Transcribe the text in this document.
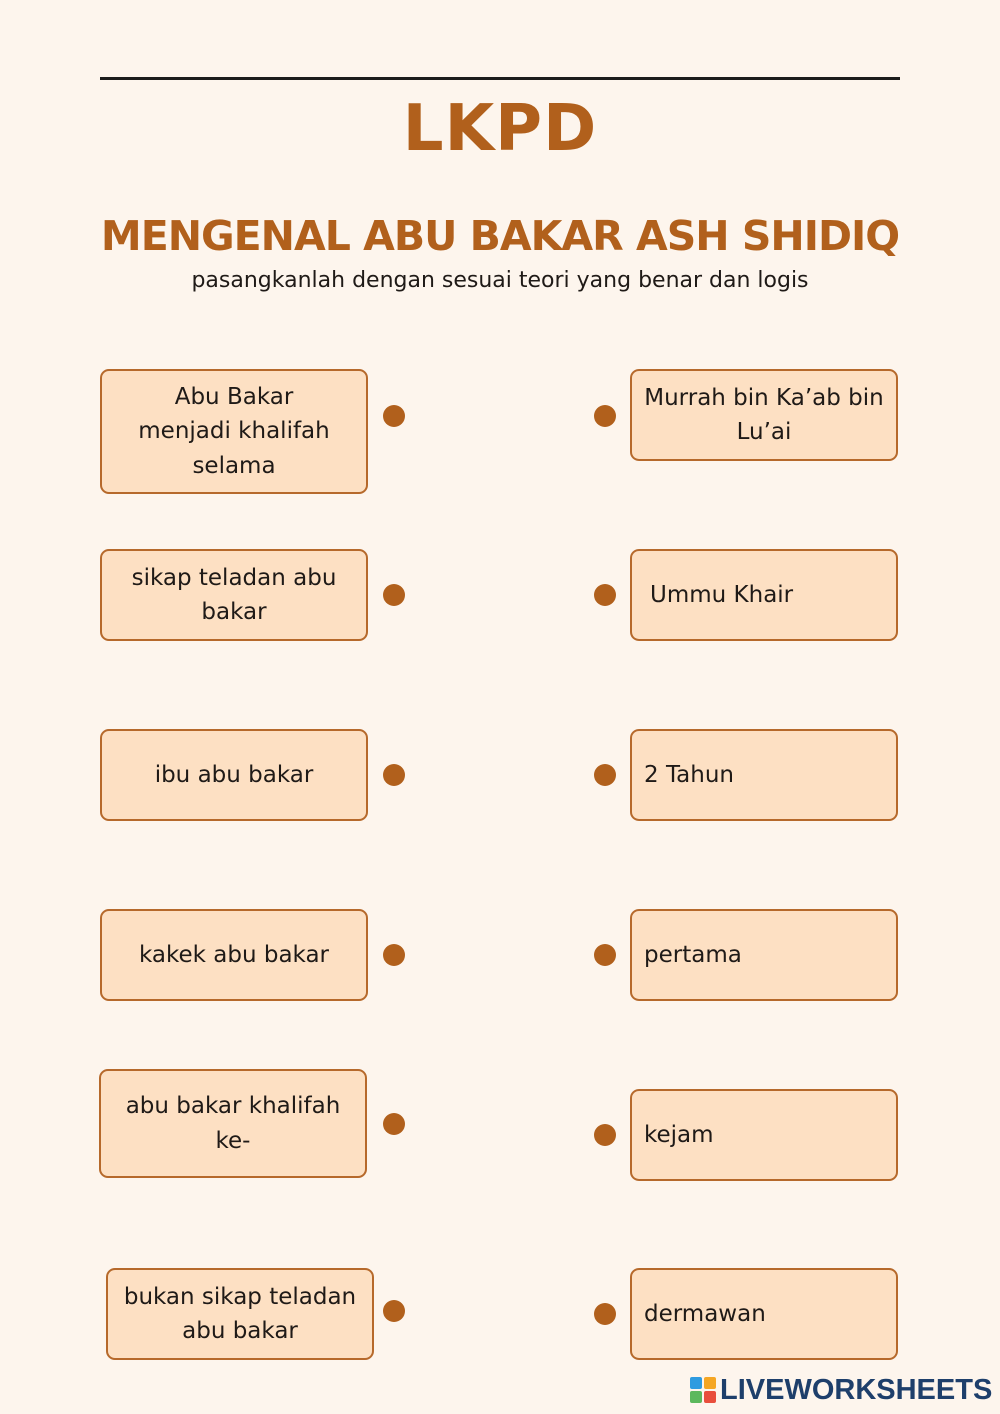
LKPD
MENGENAL ABU BAKAR ASH SHIDIQ
pasangkanlah dengan sesuai teori yang benar dan logis
Abu Bakar menjadi khalifah selama
sikap teladan abu bakar
ibu abu bakar
kakek abu bakar
abu bakar khalifah ke-
bukan sikap teladan abu bakar
Murrah bin Ka’ab bin Lu’ai
Ummu Khair
2 Tahun
pertama
kejam
dermawan
LIVEWORKSHEETS
